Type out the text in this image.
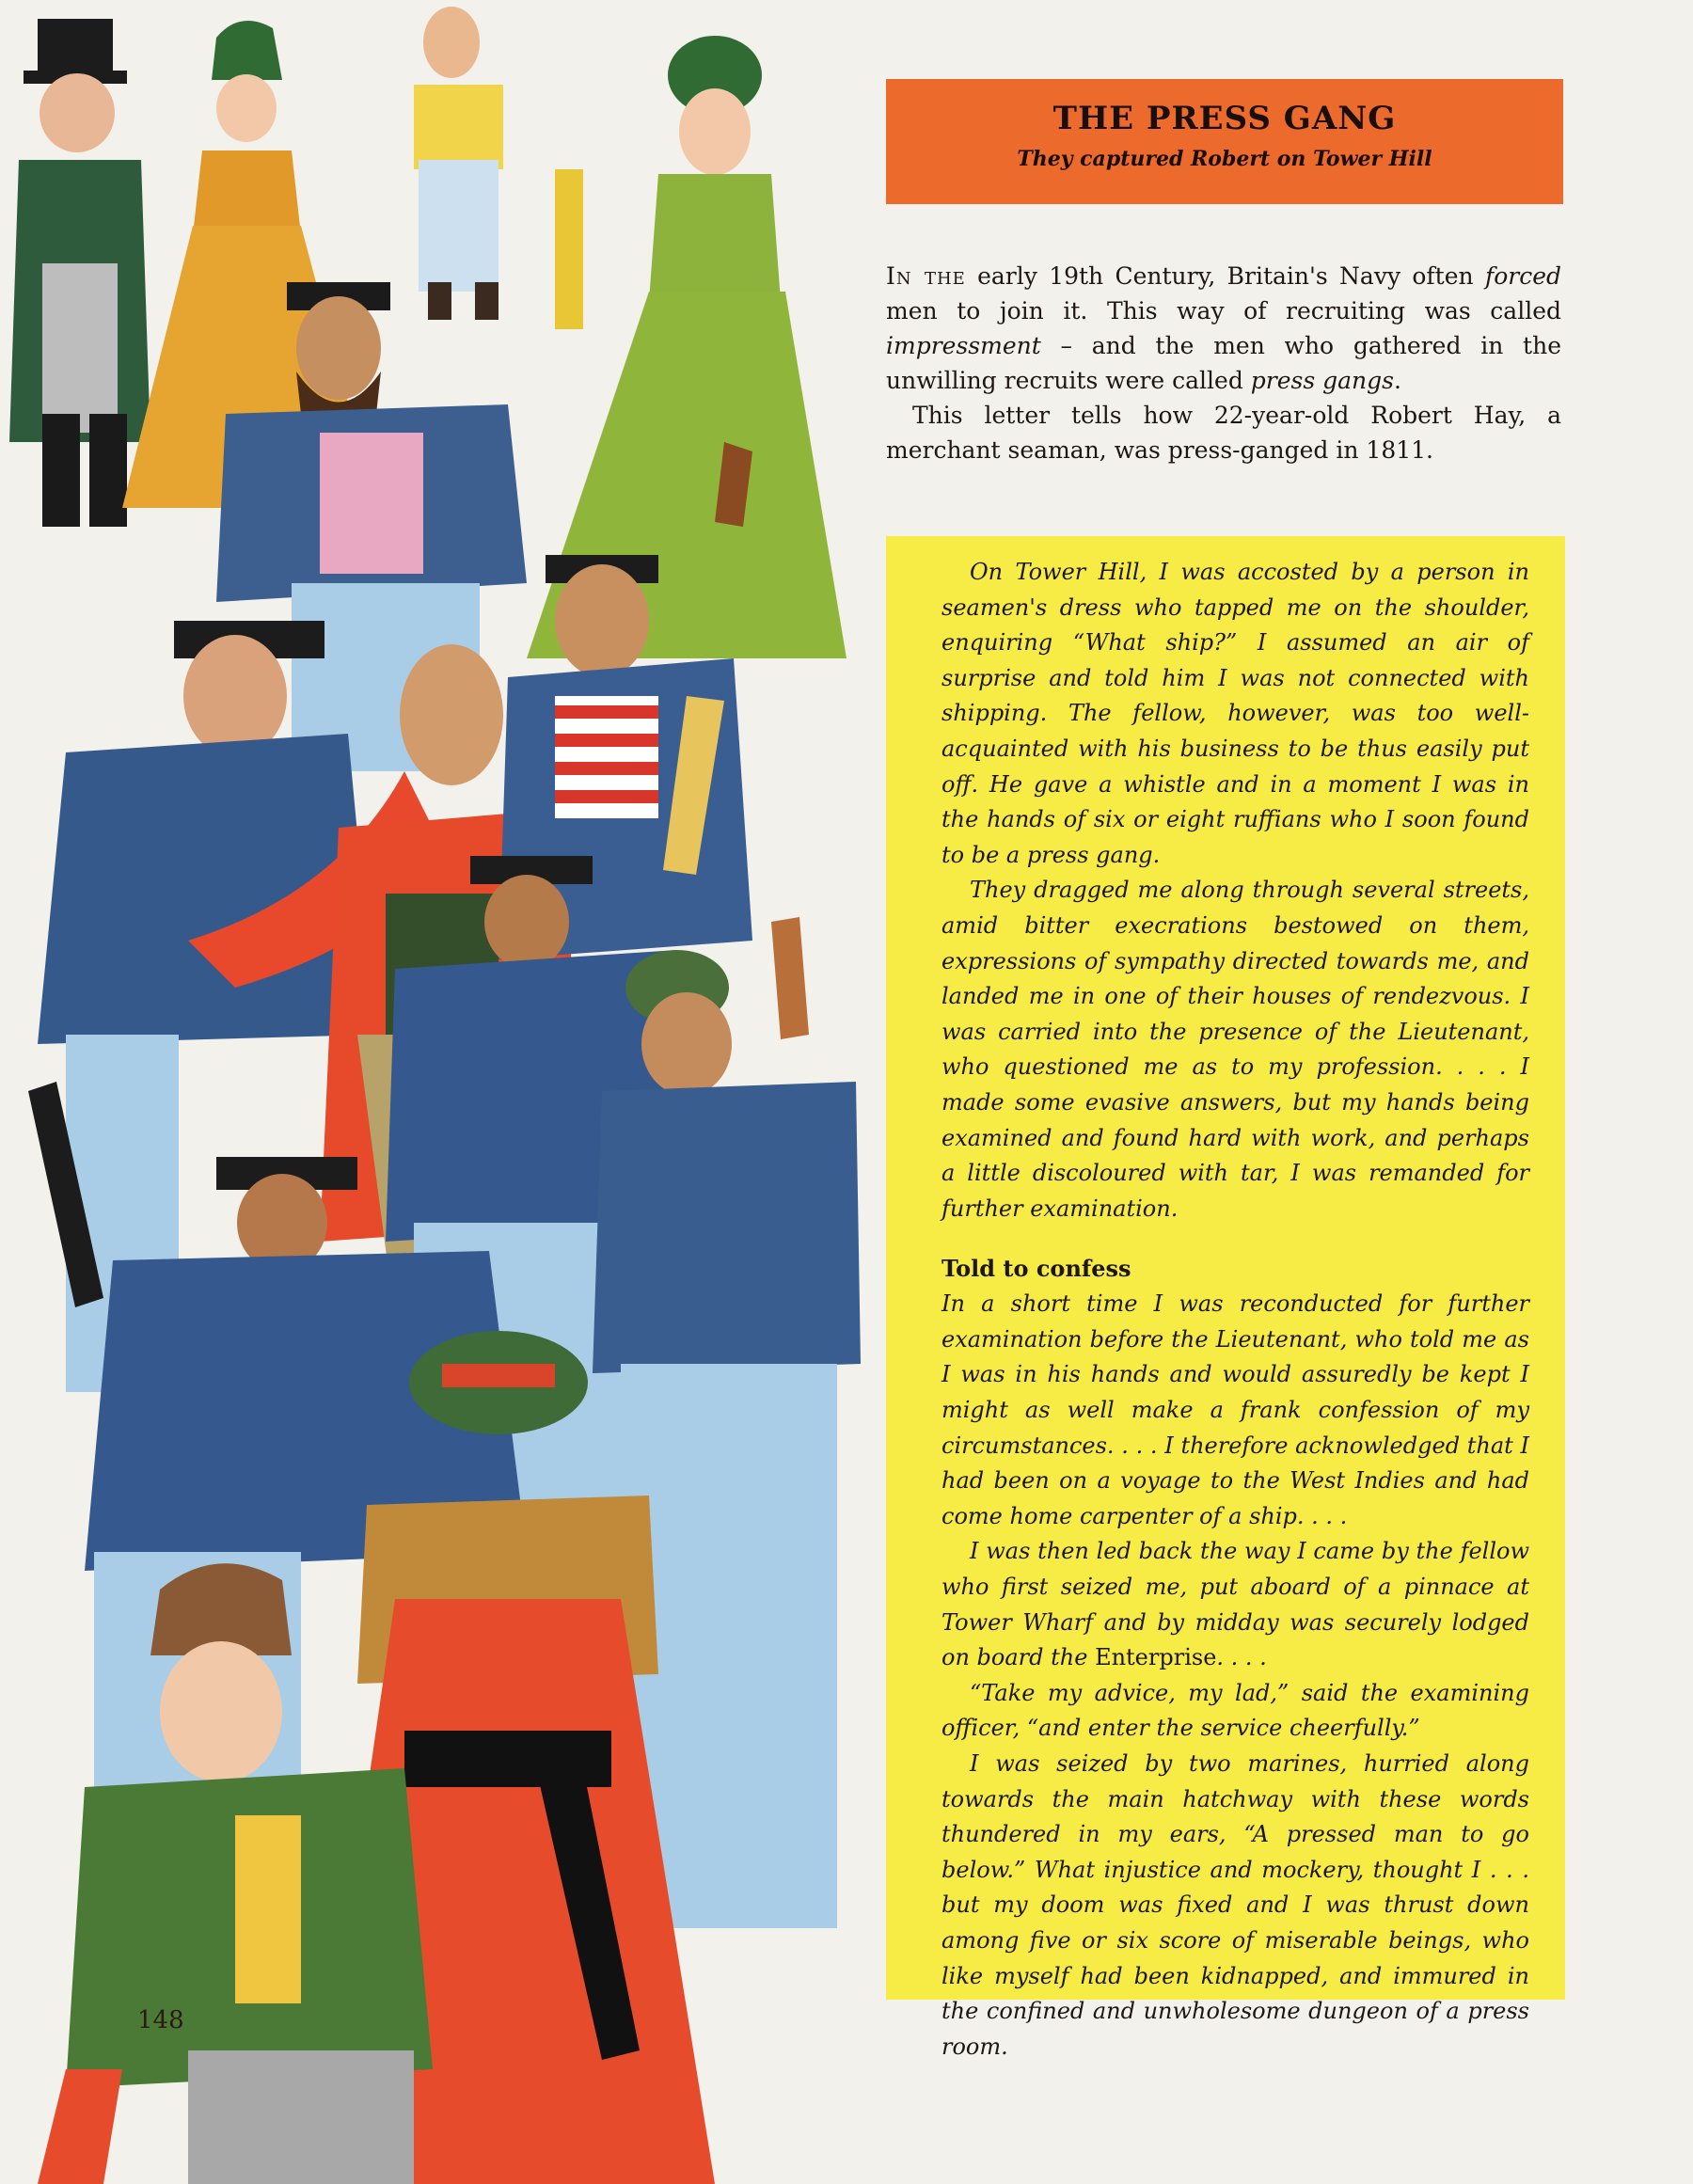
148
THE PRESS GANG
They captured Robert on Tower Hill

In the early 19th Century, Britain's Navy often forced men to join it. This way of recruiting was called impressment – and the men who gathered in the unwilling recruits were called press gangs.

This letter tells how 22-year-old Robert Hay, a merchant seaman, was press-ganged in 1811.

On Tower Hill, I was accosted by a person in seamen's dress who tapped me on the shoulder, enquiring “What ship?” I assumed an air of surprise and told him I was not connected with shipping. The fellow, however, was too well-acquainted with his business to be thus easily put off. He gave a whistle and in a moment I was in the hands of six or eight ruffians who I soon found to be a press gang.

They dragged me along through several streets, amid bitter execrations bestowed on them, expressions of sympathy directed towards me, and landed me in one of their houses of rendezvous. I was carried into the presence of the Lieutenant, who questioned me as to my profession. . . . I made some evasive answers, but my hands being examined and found hard with work, and perhaps a little discoloured with tar, I was remanded for further examination.

Told to confess

In a short time I was reconducted for further examination before the Lieutenant, who told me as I was in his hands and would assuredly be kept I might as well make a frank confession of my circumstances. . . . I therefore acknowledged that I had been on a voyage to the West Indies and had come home carpenter of a ship. . . .

I was then led back the way I came by the fellow who first seized me, put aboard of a pinnace at Tower Wharf and by midday was securely lodged on board the Enterprise. . . .

“Take my advice, my lad,” said the examining officer, “and enter the service cheerfully.”

I was seized by two marines, hurried along towards the main hatchway with these words thundered in my ears, “A pressed man to go below.” What injustice and mockery, thought I . . . but my doom was fixed and I was thrust down among five or six score of miserable beings, who like myself had been kidnapped, and immured in the confined and unwholesome dungeon of a press room.
